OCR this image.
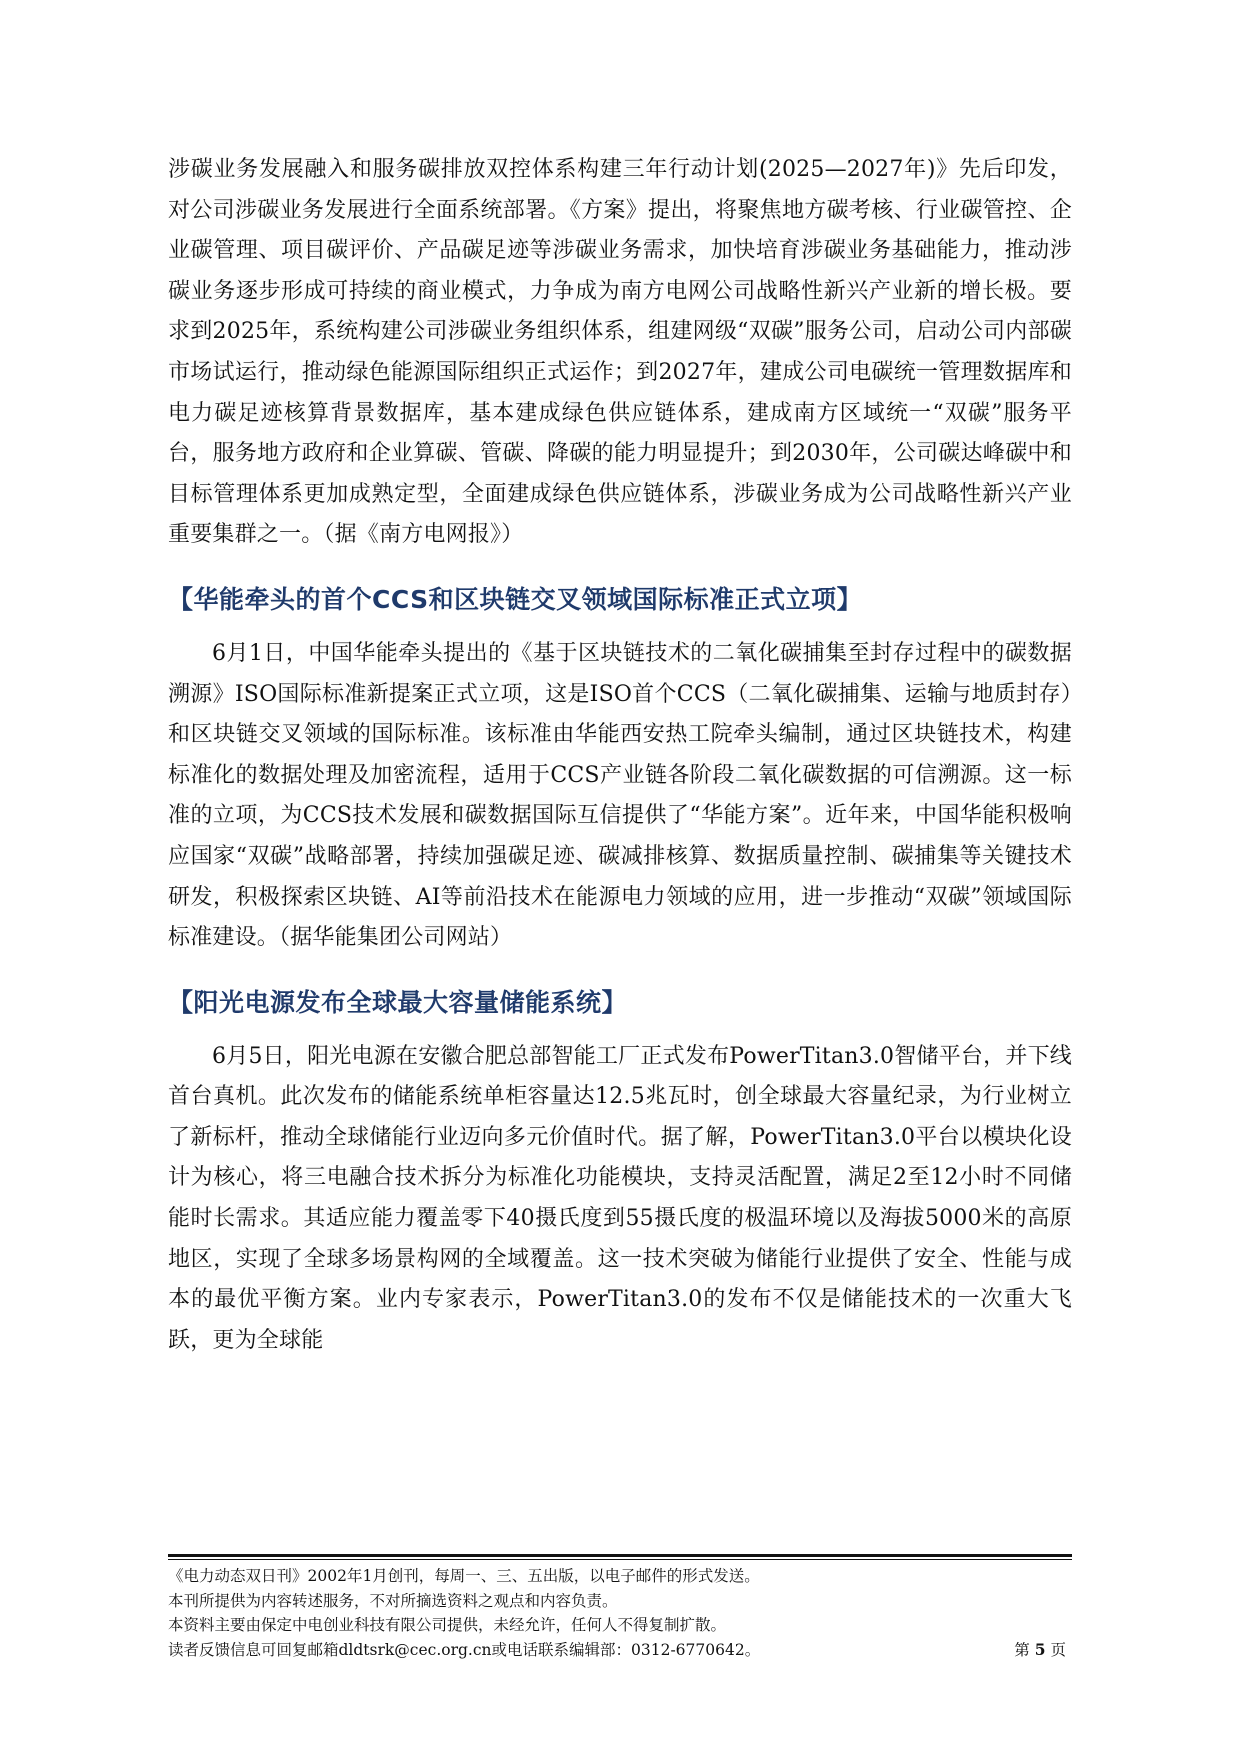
涉碳业务发展融入和服务碳排放双控体系构建三年行动计划(2025—2027年)》先后印发，对公司涉碳业务发展进行全面系统部署。《方案》提出，将聚焦地方碳考核、行业碳管控、企业碳管理、项目碳评价、产品碳足迹等涉碳业务需求，加快培育涉碳业务基础能力，推动涉碳业务逐步形成可持续的商业模式，力争成为南方电网公司战略性新兴产业新的增长极。要求到2025年，系统构建公司涉碳业务组织体系，组建网级“双碳”服务公司，启动公司内部碳市场试运行，推动绿色能源国际组织正式运作；到2027年，建成公司电碳统一管理数据库和电力碳足迹核算背景数据库，基本建成绿色供应链体系，建成南方区域统一“双碳”服务平台，服务地方政府和企业算碳、管碳、降碳的能力明显提升；到2030年，公司碳达峰碳中和目标管理体系更加成熟定型，全面建成绿色供应链体系，涉碳业务成为公司战略性新兴产业重要集群之一。（据《南方电网报》）

【华能牵头的首个CCS和区块链交叉领域国际标准正式立项】

6月1日，中国华能牵头提出的《基于区块链技术的二氧化碳捕集至封存过程中的碳数据溯源》ISO国际标准新提案正式立项，这是ISO首个CCS（二氧化碳捕集、运输与地质封存）和区块链交叉领域的国际标准。该标准由华能西安热工院牵头编制，通过区块链技术，构建标准化的数据处理及加密流程，适用于CCS产业链各阶段二氧化碳数据的可信溯源。这一标准的立项，为CCS技术发展和碳数据国际互信提供了“华能方案”。近年来，中国华能积极响应国家“双碳”战略部署，持续加强碳足迹、碳减排核算、数据质量控制、碳捕集等关键技术研发，积极探索区块链、AI等前沿技术在能源电力领域的应用，进一步推动“双碳”领域国际标准建设。（据华能集团公司网站）

【阳光电源发布全球最大容量储能系统】

6月5日，阳光电源在安徽合肥总部智能工厂正式发布PowerTitan3.0智储平台，并下线首台真机。此次发布的储能系统单柜容量达12.5兆瓦时，创全球最大容量纪录，为行业树立了新标杆，推动全球储能行业迈向多元价值时代。据了解，PowerTitan3.0平台以模块化设计为核心，将三电融合技术拆分为标准化功能模块，支持灵活配置，满足2至12小时不同储能时长需求。其适应能力覆盖零下40摄氏度到55摄氏度的极温环境以及海拔5000米的高原地区，实现了全球多场景构网的全域覆盖。这一技术突破为储能行业提供了安全、性能与成本的最优平衡方案。业内专家表示，PowerTitan3.0的发布不仅是储能技术的一次重大飞跃，更为全球能

《电力动态双日刊》2002年1月创刊，每周一、三、五出版，以电子邮件的形式发送。
本刊所提供为内容转述服务，不对所摘选资料之观点和内容负责。
本资料主要由保定中电创业科技有限公司提供，未经允许，任何人不得复制扩散。
读者反馈信息可回复邮箱dldtsrk@cec.org.cn或电话联系编辑部：0312-6770642。	第 5 页
